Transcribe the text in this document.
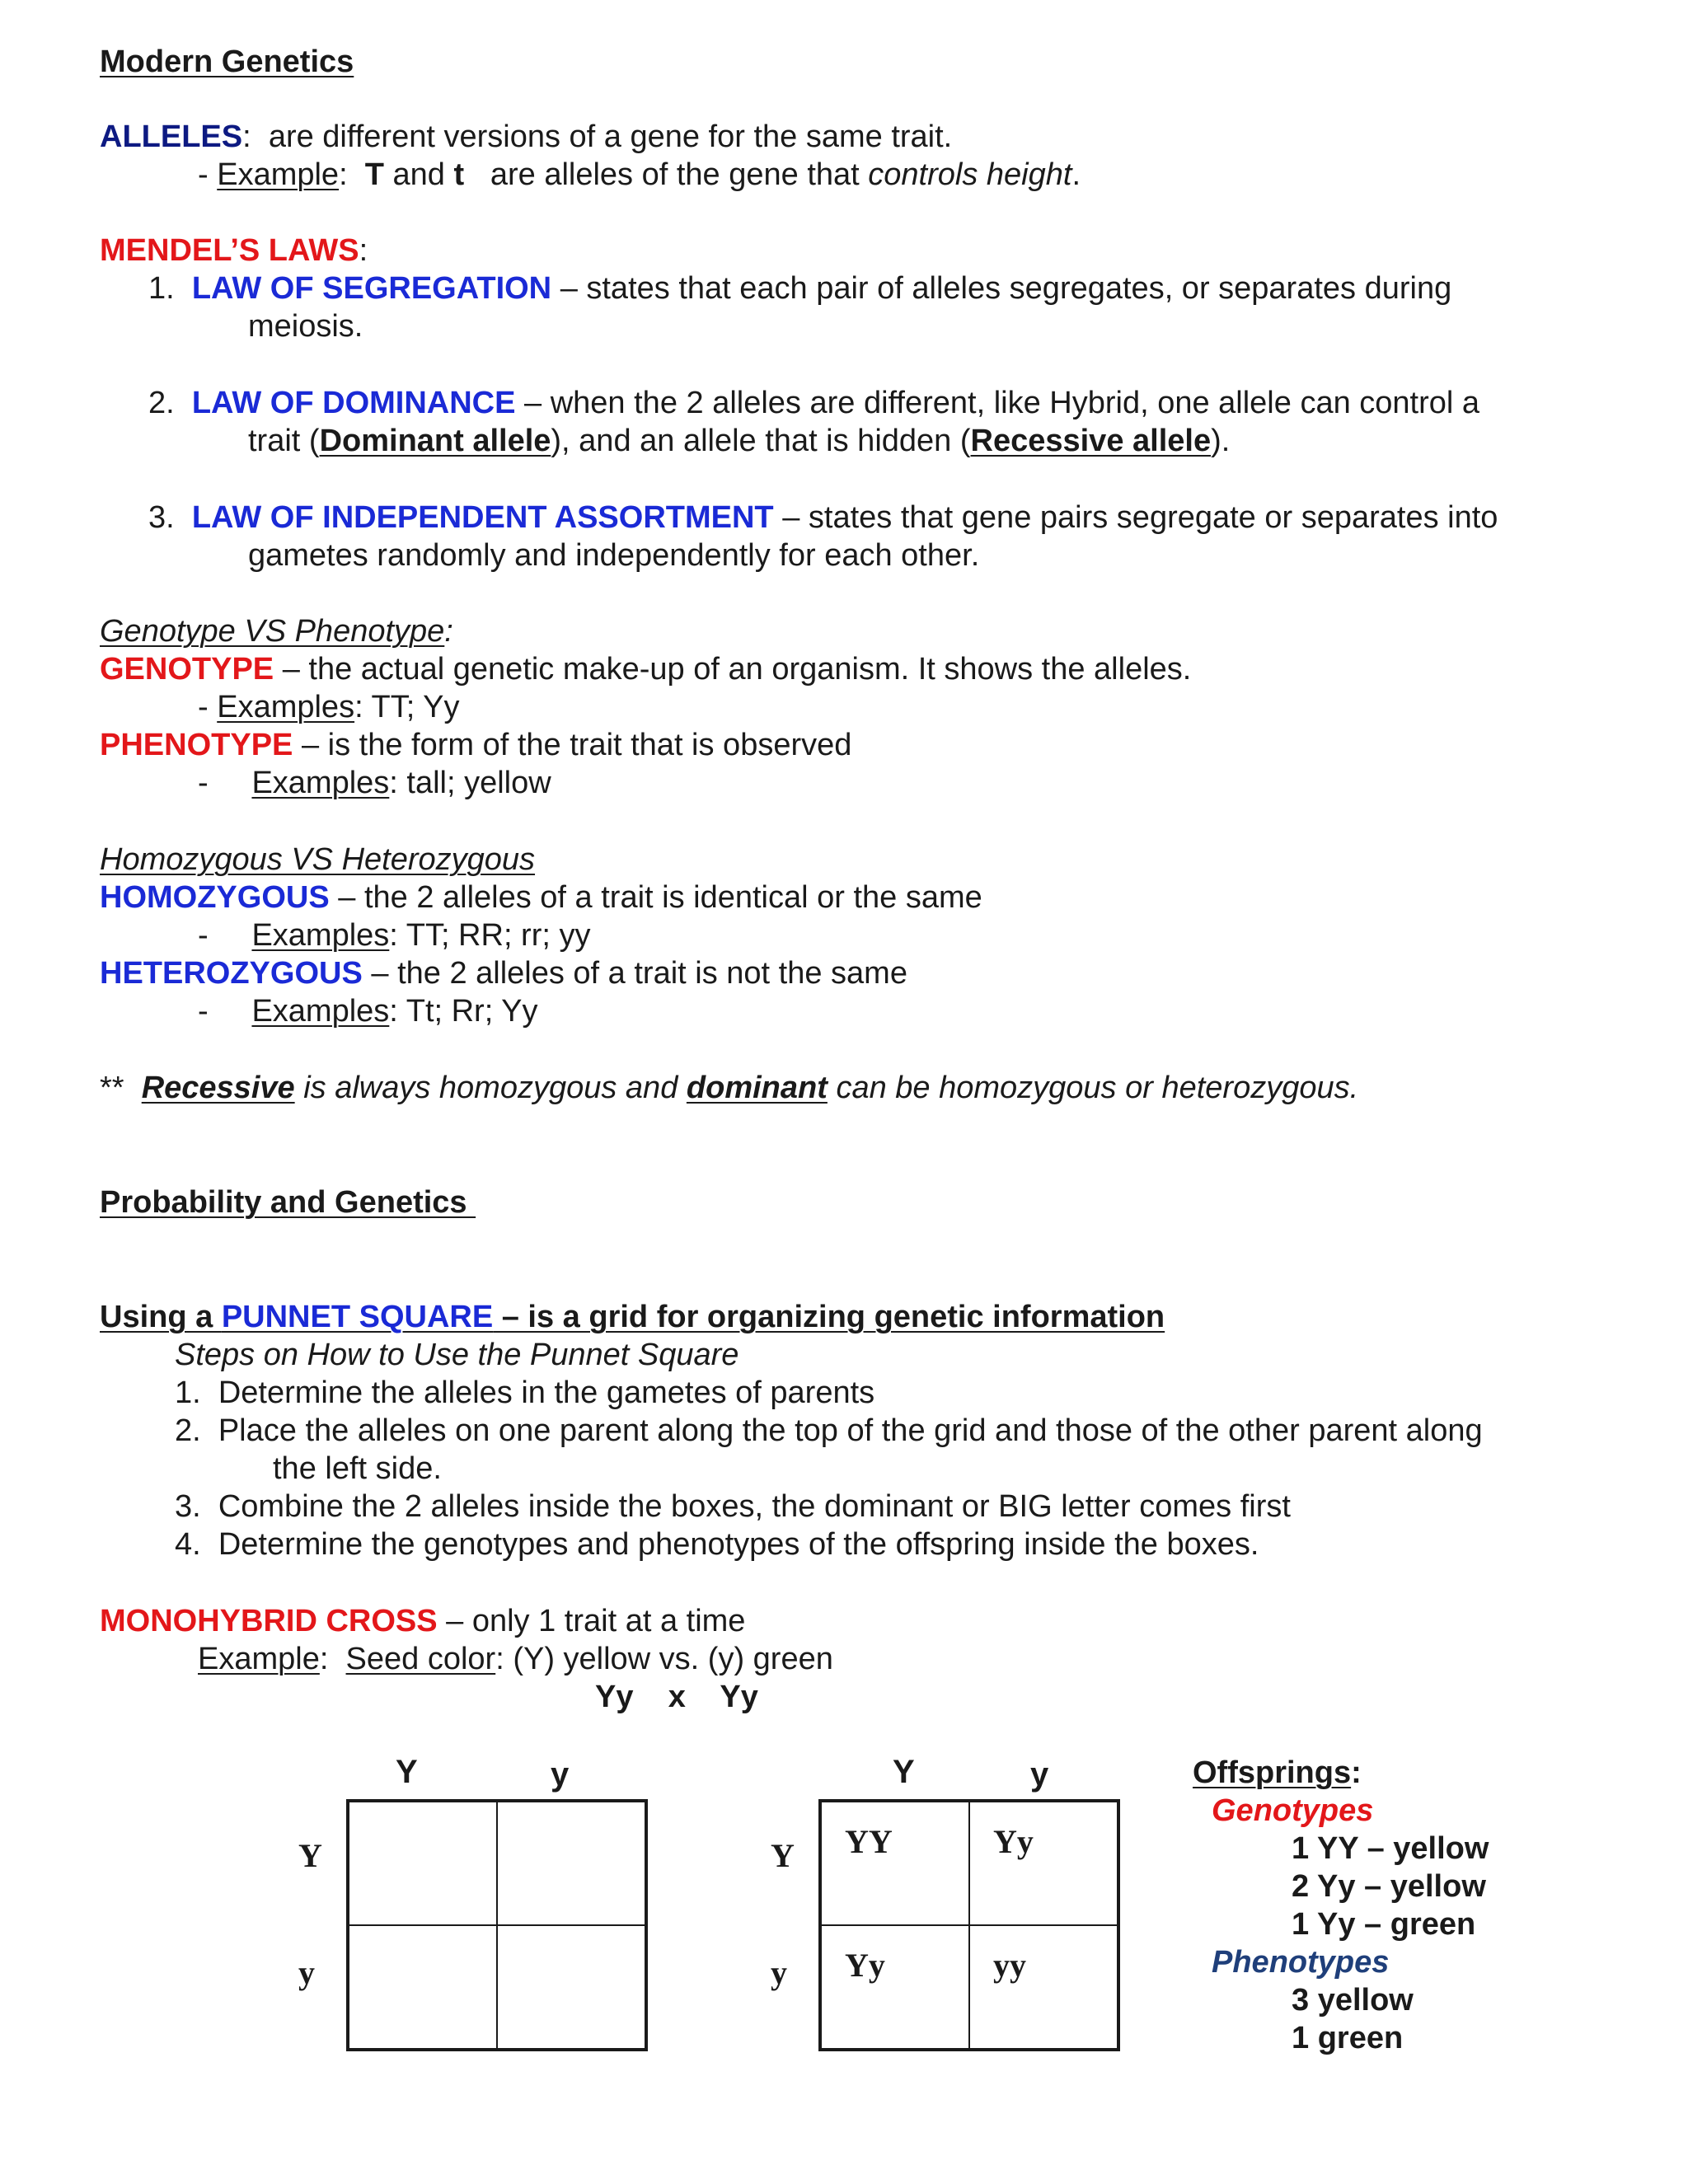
Modern Genetics
ALLELES: are different versions of a gene for the same trait.
- Example: T and t are alleles of the gene that controls height.
MENDEL’S LAWS:
1. LAW OF SEGREGATION – states that each pair of alleles segregates, or separates during
meiosis.
2. LAW OF DOMINANCE – when the 2 alleles are different, like Hybrid, one allele can control a
trait (Dominant allele), and an allele that is hidden (Recessive allele).
3. LAW OF INDEPENDENT ASSORTMENT – states that gene pairs segregate or separates into
gametes randomly and independently for each other.
Genotype VS Phenotype:
GENOTYPE – the actual genetic make-up of an organism. It shows the alleles.
- Examples: TT; Yy
PHENOTYPE – is the form of the trait that is observed
- Examples: tall; yellow
Homozygous VS Heterozygous
HOMOZYGOUS – the 2 alleles of a trait is identical or the same
- Examples: TT; RR; rr; yy
HETEROZYGOUS – the 2 alleles of a trait is not the same
- Examples: Tt; Rr; Yy
** Recessive is always homozygous and dominant can be homozygous or heterozygous.
Probability and Genetics
Using a PUNNET SQUARE – is a grid for organizing genetic information
Steps on How to Use the Punnet Square
1. Determine the alleles in the gametes of parents
2. Place the alleles on one parent along the top of the grid and those of the other parent along
the left side.
3. Combine the 2 alleles inside the boxes, the dominant or BIG letter comes first
4. Determine the genotypes and phenotypes of the offspring inside the boxes.
MONOHYBRID CROSS – only 1 trait at a time
Example: Seed color: (Y) yellow vs. (y) green
Yy x Yy
Y	y
Y
y
Y	y
Y
y
YY	Yy
Yy	yy
Offsprings:
Genotypes
1 YY – yellow
2 Yy – yellow
1 Yy – green
Phenotypes
3 yellow
1 green
